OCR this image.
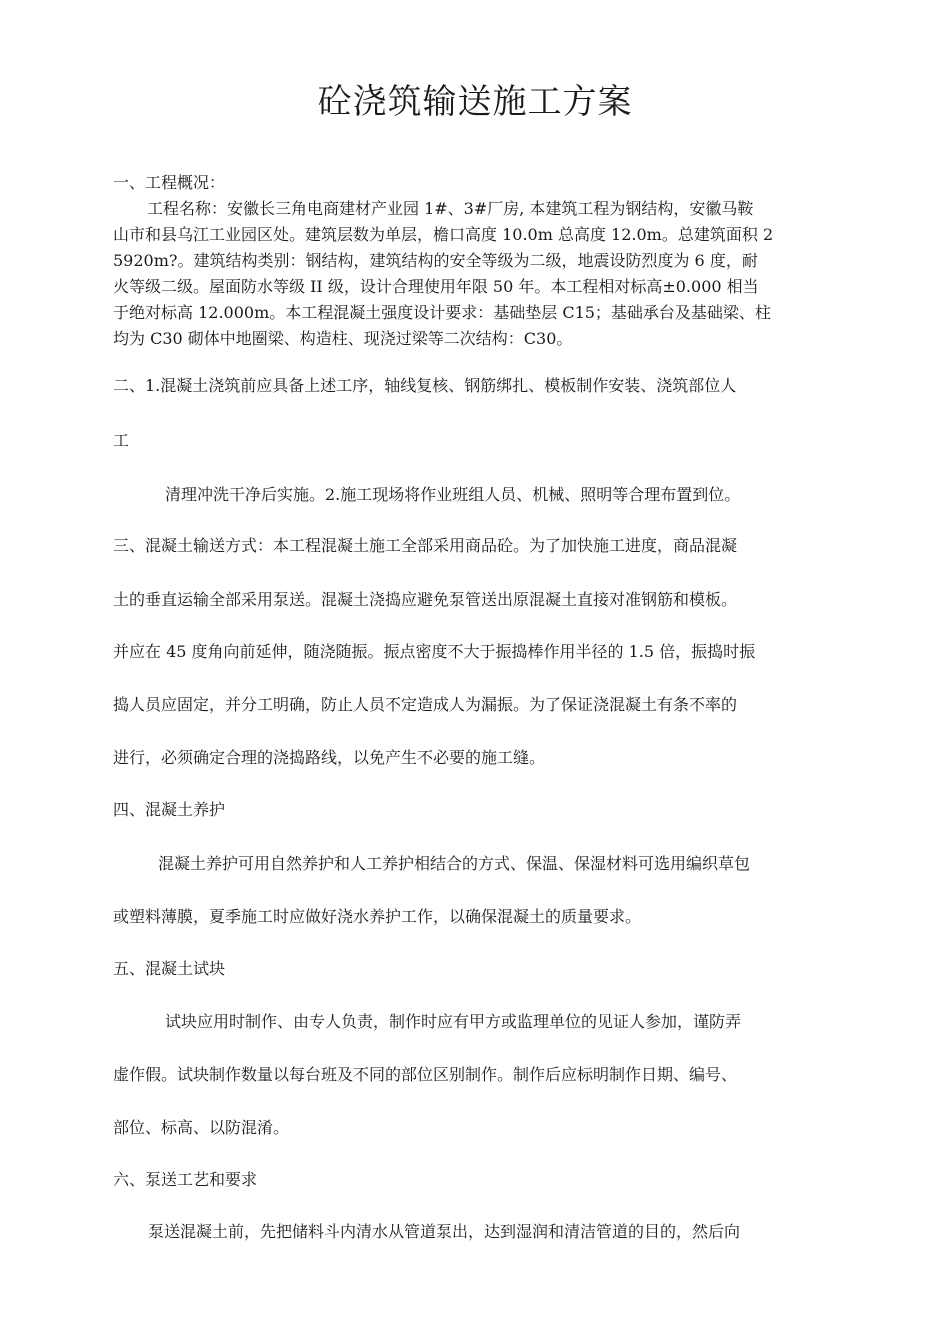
砼浇筑输送施工方案
一、工程概况：
工程名称：安徽长三角电商建材产业园 1#、3#厂房, 本建筑工程为钢结构，安徽马鞍
山市和县乌江工业园区处。建筑层数为单层，檐口高度 10.0m 总高度 12.0m。总建筑面积 2
5920m?。建筑结构类别：钢结构，建筑结构的安全等级为二级，地震设防烈度为 6 度，耐
火等级二级。屋面防水等级 II 级，设计合理使用年限 50 年。本工程相对标高±0.000 相当
于绝对标高 12.000m。本工程混凝土强度设计要求：基础垫层 C15；基础承台及基础梁、柱
均为 C30 砌体中地圈梁、构造柱、现浇过梁等二次结构：C30。
二、1.混凝土浇筑前应具备上述工序，轴线复核、钢筋绑扎、模板制作安装、浇筑部位人
工
清理冲洗干净后实施。2.施工现场将作业班组人员、机械、照明等合理布置到位。
三、混凝土输送方式：本工程混凝土施工全部采用商品砼。为了加快施工进度，商品混凝
土的垂直运输全部采用泵送。混凝土浇捣应避免泵管送出原混凝土直接对准钢筋和模板。
并应在 45 度角向前延伸，随浇随振。振点密度不大于振捣棒作用半径的 1.5 倍，振捣时振
捣人员应固定，并分工明确，防止人员不定造成人为漏振。为了保证浇混凝土有条不率的
进行，必须确定合理的浇捣路线，以免产生不必要的施工缝。
四、混凝土养护
混凝土养护可用自然养护和人工养护相结合的方式、保温、保湿材料可选用编织草包
或塑料薄膜，夏季施工时应做好浇水养护工作，以确保混凝土的质量要求。
五、混凝土试块
试块应用时制作、由专人负责，制作时应有甲方或监理单位的见证人参加，谨防弄
虚作假。试块制作数量以每台班及不同的部位区别制作。制作后应标明制作日期、编号、
部位、标高、以防混淆。
六、泵送工艺和要求
泵送混凝土前，先把储料斗内清水从管道泵出，达到湿润和清洁管道的目的，然后向
